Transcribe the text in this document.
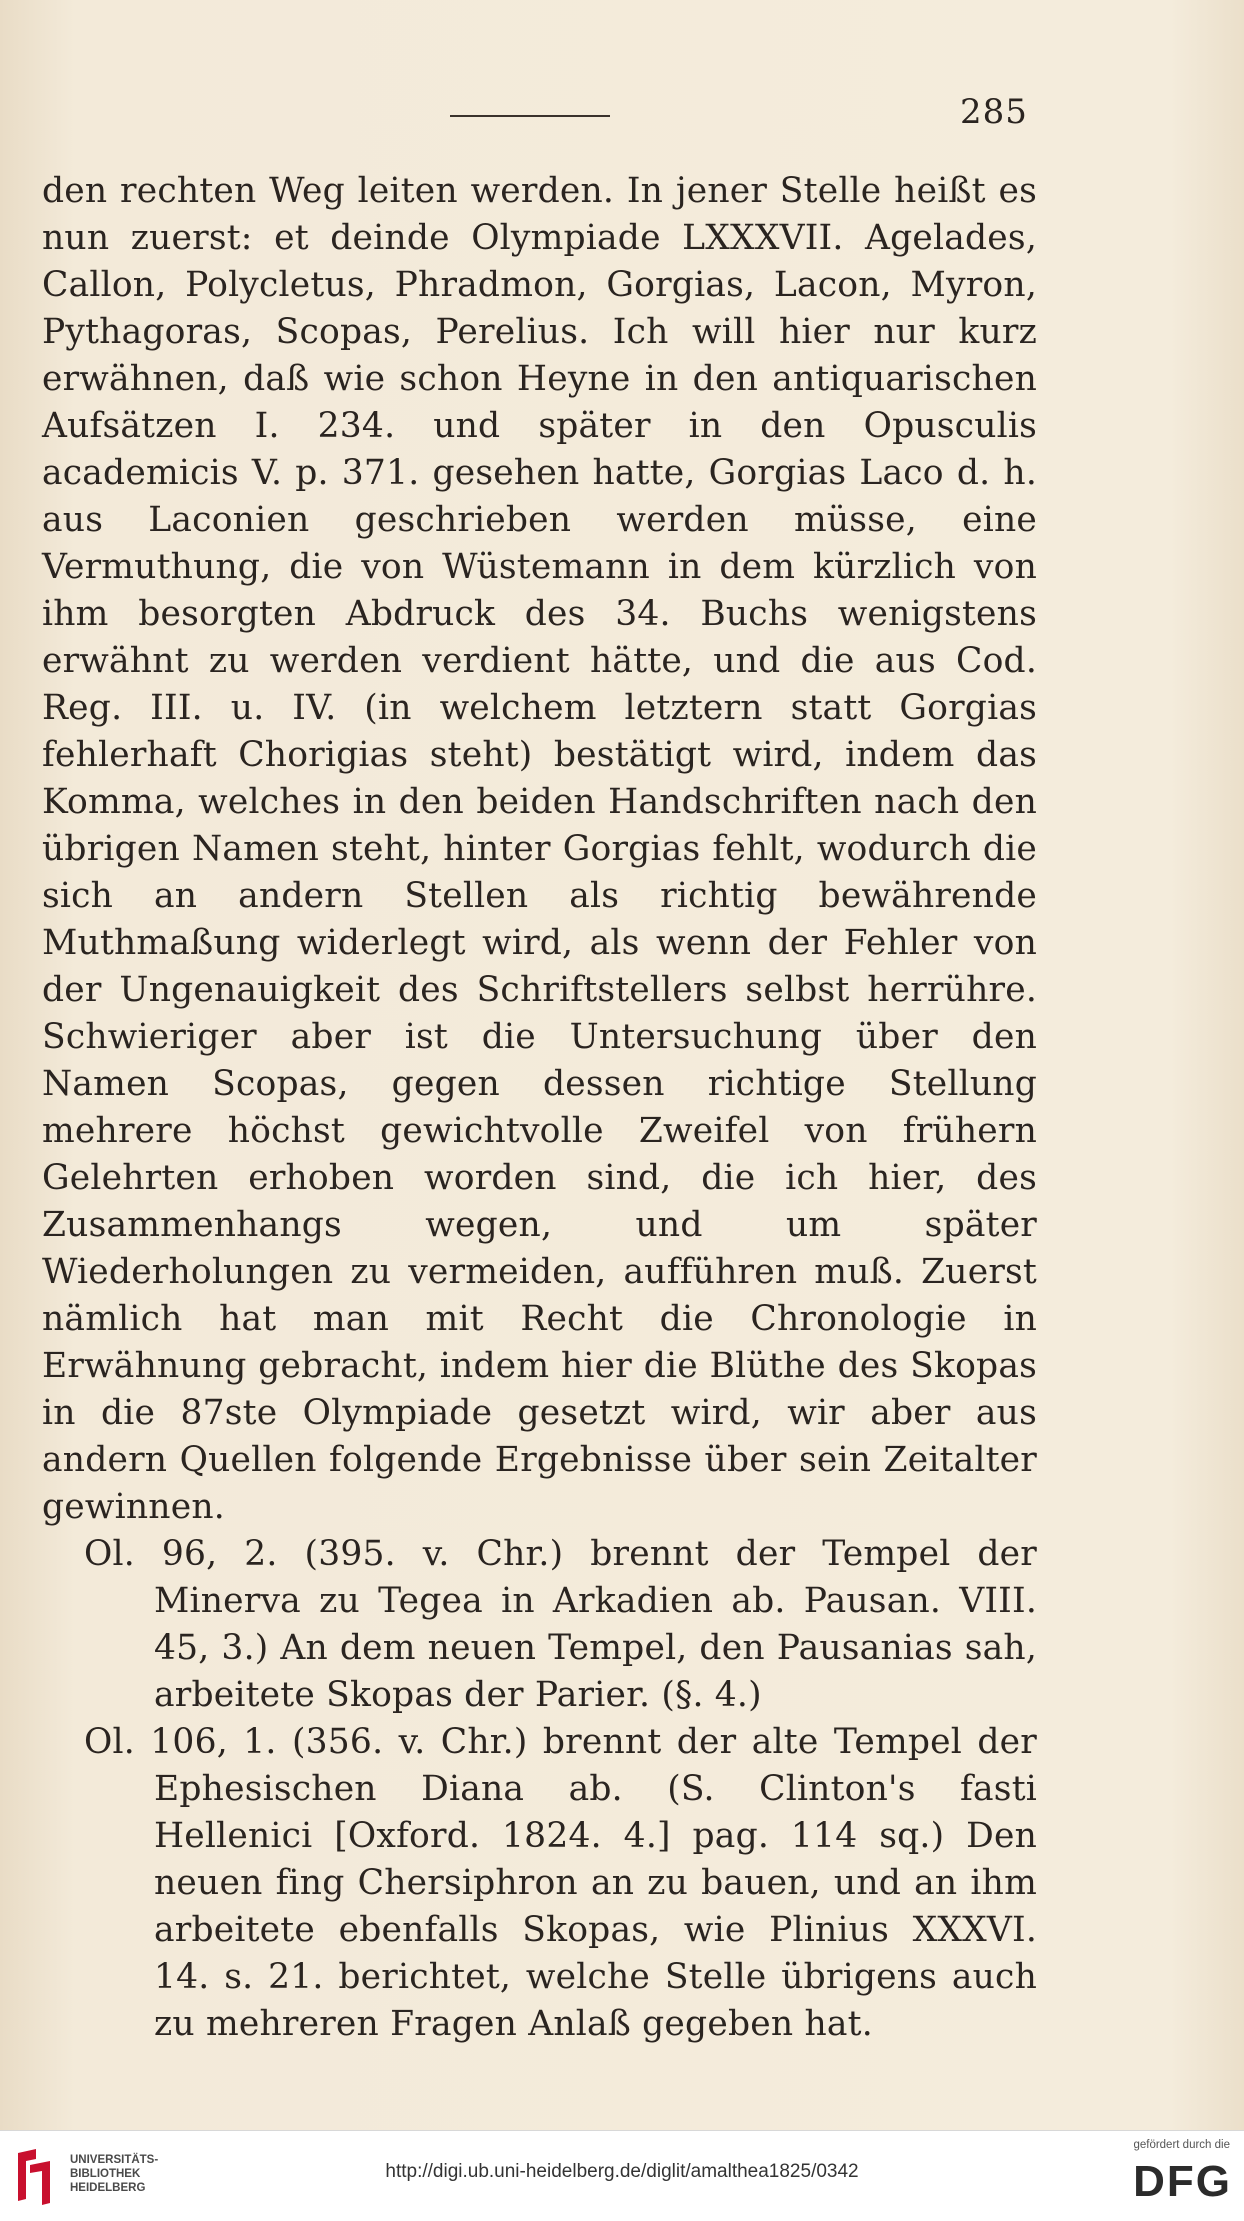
285

den rechten Weg leiten werden. In jener Stelle heißt es nun zuerst: et deinde Olympiade LXXXVII. Agelades, Callon, Polycletus, Phradmon, Gorgias, Lacon, Myron, Pythagoras, Scopas, Perelius. Ich will hier nur kurz erwähnen, daß wie schon Heyne in den antiquarischen Aufsätzen I. 234. und später in den Opusculis academicis V. p. 371. gesehen hatte, Gorgias Laco d. h. aus Laconien geschrieben werden müsse, eine Vermuthung, die von Wüstemann in dem kürzlich von ihm besorgten Abdruck des 34. Buchs wenigstens erwähnt zu werden verdient hätte, und die aus Cod. Reg. III. u. IV. (in welchem letztern statt Gorgias fehlerhaft Chorigias steht) bestätigt wird, indem das Komma, welches in den beiden Handschriften nach den übrigen Namen steht, hinter Gorgias fehlt, wodurch die sich an andern Stellen als richtig bewährende Muthmaßung widerlegt wird, als wenn der Fehler von der Ungenauigkeit des Schriftstellers selbst herrühre. Schwieriger aber ist die Untersuchung über den Namen Scopas, gegen dessen richtige Stellung mehrere höchst gewichtvolle Zweifel von frühern Gelehrten erhoben worden sind, die ich hier, des Zusammenhangs wegen, und um später Wiederholungen zu vermeiden, aufführen muß. Zuerst nämlich hat man mit Recht die Chronologie in Erwähnung gebracht, indem hier die Blüthe des Skopas in die 87ste Olympiade gesetzt wird, wir aber aus andern Quellen folgende Ergebnisse über sein Zeitalter gewinnen.

Ol. 96, 2. (395. v. Chr.) brennt der Tempel der Minerva zu Tegea in Arkadien ab. Pausan. VIII. 45, 3.) An dem neuen Tempel, den Pausanias sah, arbeitete Skopas der Parier. (§. 4.)

Ol. 106, 1. (356. v. Chr.) brennt der alte Tempel der Ephesischen Diana ab. (S. Clinton's fasti Hellenici [Oxford. 1824. 4.] pag. 114 sq.) Den neuen fing Chersiphron an zu bauen, und an ihm arbeitete ebenfalls Skopas, wie Plinius XXXVI. 14. s. 21. berichtet, welche Stelle übrigens auch zu mehreren Fragen Anlaß gegeben hat.

UNIVERSITÄTS-
BIBLIOTHEK
HEIDELBERG
http://digi.ub.uni-heidelberg.de/diglit/amalthea1825/0342
gefördert durch die
DFG
